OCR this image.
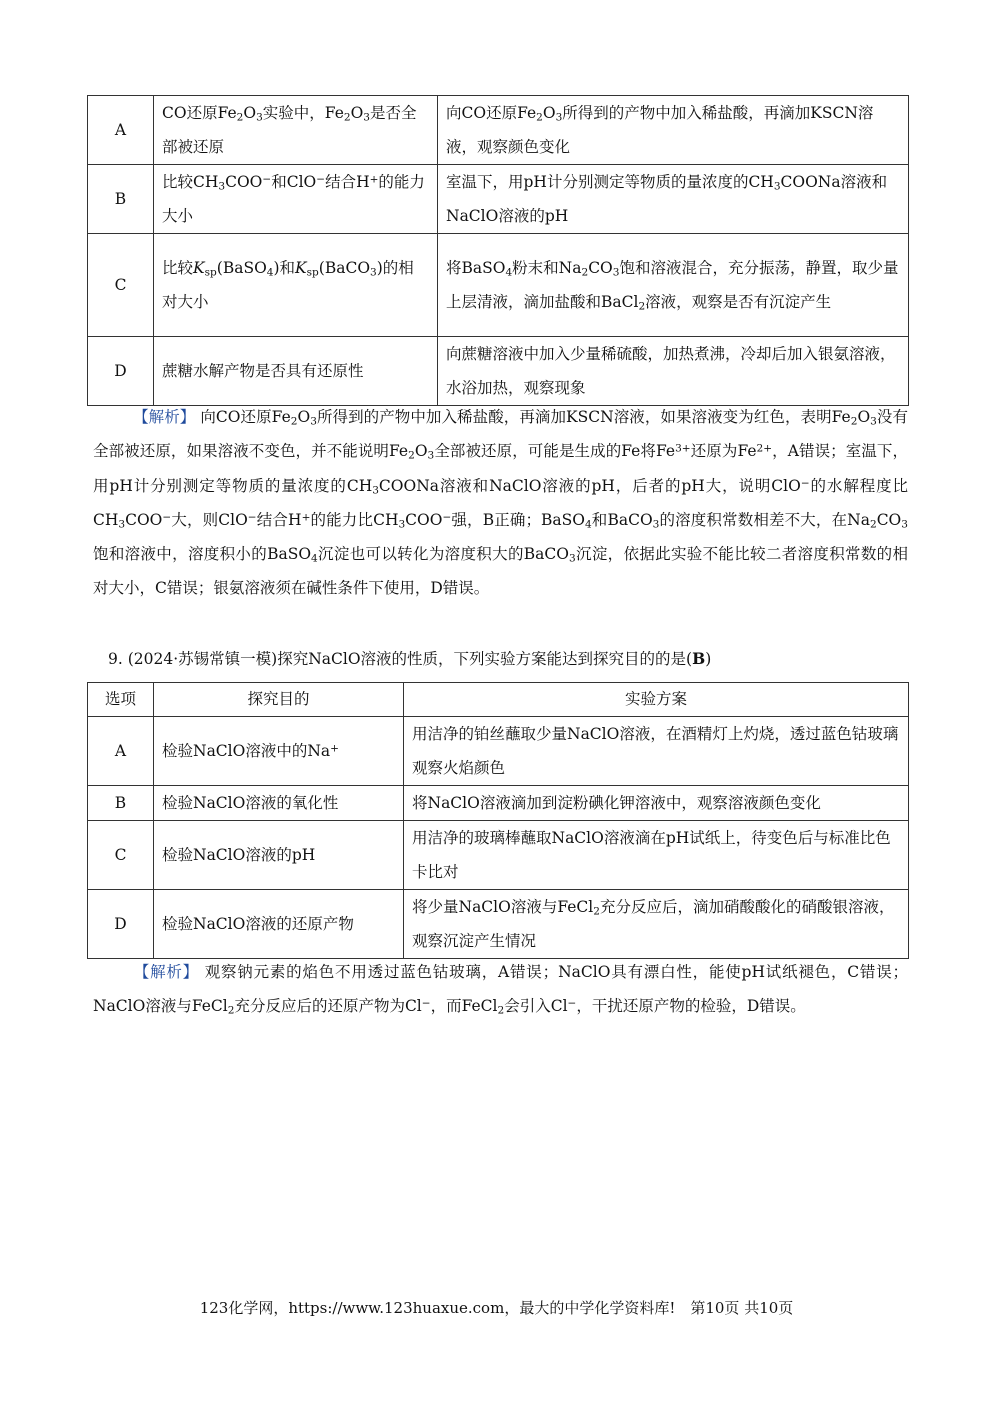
A	CO还原$Fe_2O_3$实验中，$Fe_2O_3$是否全部被还原	向CO还原$Fe_2O_3$所得到的产物中加入稀盐酸，再滴加KSCN溶液，观察颜色变化
B	比较$CH_3COO^-$和ClO−结合H+的能力大小	室温下，用pH计分别测定等物质的量浓度的$CH_3COONa$溶液和NaClO溶液的pH
C	比较$K_{sp}(BaSO_4)$和$K_{sp}(BaCO_3)$的相对大小	将BaSO$_4$粉末和$Na_2CO_3$饱和溶液混合，充分振荡，静置，取少量上层清液，滴加盐酸和BaCl$_2$溶液，观察是否有沉淀产生
D	蔗糖水解产物是否具有还原性	向蔗糖溶液中加入少量稀硫酸，加热煮沸，冷却后加入银氨溶液，水浴加热，观察现象
【解析】 向CO还原$Fe_2O_3$所得到的产物中加入稀盐酸，再滴加KSCN溶液，如果溶液变为红色，表明$Fe_2O_3$没有全部被还原，如果溶液不变色，并不能说明$Fe_2O_3$全部被还原，可能是生成的Fe将$Fe^{3+}$还原为$Fe^{2+}$，A错误；室温下，用pH计分别测定等物质的量浓度的$CH_3COONa$溶液和NaClO溶液的pH，后者的pH大，说明ClO−的水解程度比$CH_3COO^-$大，则ClO−结合H+的能力比$CH_3COO^-$强，B正确；BaSO$_4$和BaCO$_3$的溶度积常数相差不大，在$Na_2CO_3$饱和溶液中，溶度积小的BaSO$_4$沉淀也可以转化为溶度积大的BaCO$_3$沉淀，依据此实验不能比较二者溶度积常数的相对大小，C错误；银氨溶液须在碱性条件下使用，D错误。
9. (2024·苏锡常镇一模)探究NaClO溶液的性质，下列实验方案能达到探究目的的是(B)
选项	探究目的	实验方案
A	检验NaClO溶液中的Na+	用洁净的铂丝蘸取少量NaClO溶液，在酒精灯上灼烧，透过蓝色钴玻璃观察火焰颜色
B	检验NaClO溶液的氧化性	将NaClO溶液滴加到淀粉碘化钾溶液中，观察溶液颜色变化
C	检验NaClO溶液的pH	用洁净的玻璃棒蘸取NaClO溶液滴在pH试纸上，待变色后与标准比色卡比对
D	检验NaClO溶液的还原产物	将少量NaClO溶液与FeCl$_2$充分反应后，滴加硝酸酸化的硝酸银溶液，观察沉淀产生情况
【解析】 观察钠元素的焰色不用透过蓝色钴玻璃，A错误；NaClO具有漂白性，能使pH试纸褪色，C错误；NaClO溶液与FeCl$_2$充分反应后的还原产物为Cl−，而FeCl$_2$会引入Cl−，干扰还原产物的检验，D错误。
123化学网，https://www.123huaxue.com，最大的中学化学资料库!　第10页 共10页
